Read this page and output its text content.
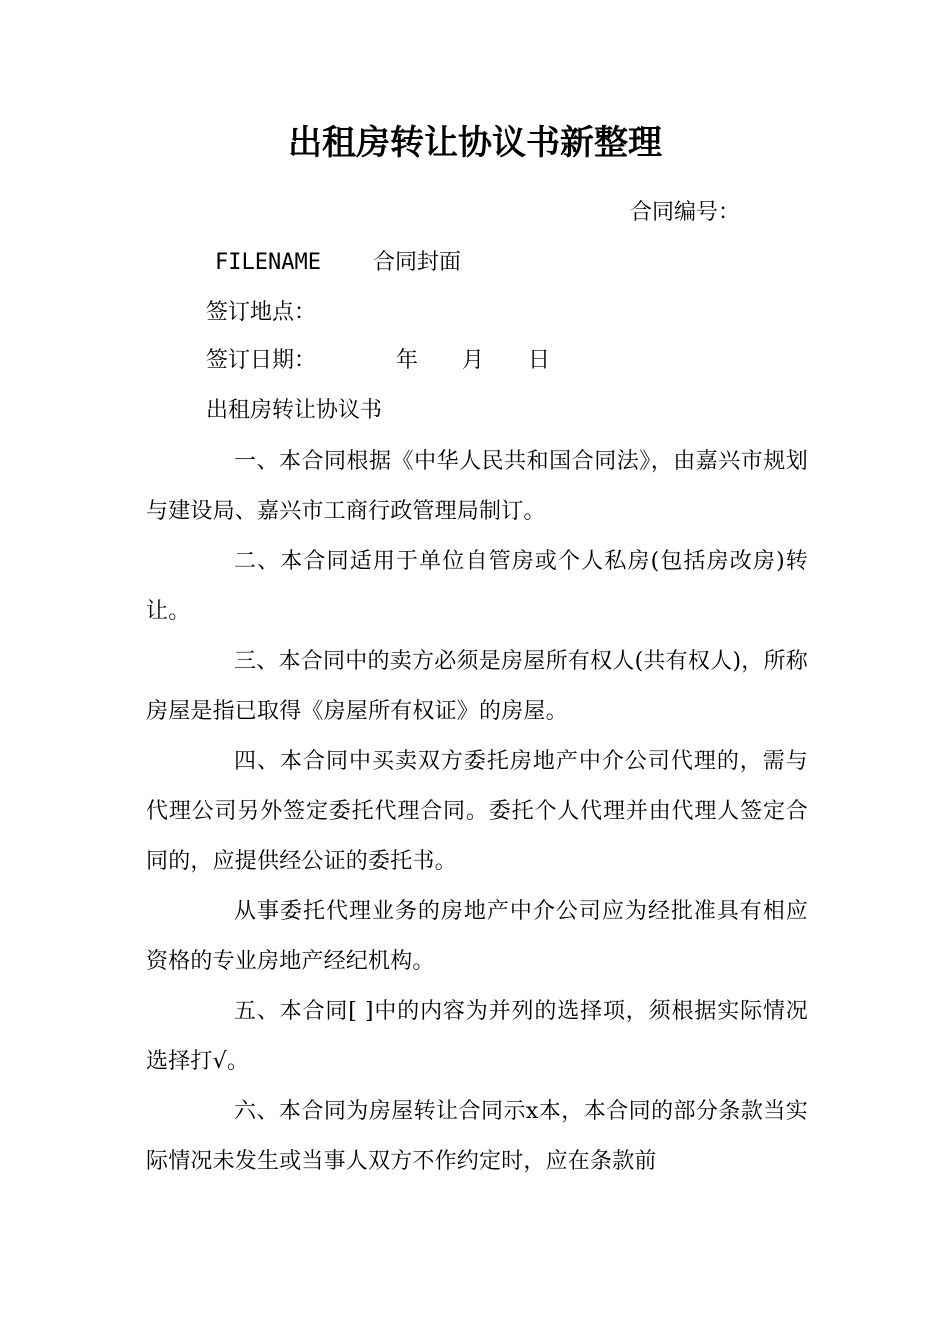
出租房转让协议书新整理
合同编号：
FILENAME 合同封面
签订地点：
签订日期：	年 月 日
出租房转让协议书

一、本合同根据《中华人民共和国合同法》，由嘉兴市规划与建设局、嘉兴市工商行政管理局制订。

二、本合同适用于单位自管房或个人私房(包括房改房)转让。

三、本合同中的卖方必须是房屋所有权人(共有权人)，所称房屋是指已取得《房屋所有权证》的房屋。

四、本合同中买卖双方委托房地产中介公司代理的，需与代理公司另外签定委托代理合同。委托个人代理并由代理人签定合同的，应提供经公证的委托书。

从事委托代理业务的房地产中介公司应为经批准具有相应资格的专业房地产经纪机构。

五、本合同[ ]中的内容为并列的选择项，须根据实际情况选择打√。

六、本合同为房屋转让合同示x本，本合同的部分条款当实际情况未发生或当事人双方不作约定时，应在条款前
